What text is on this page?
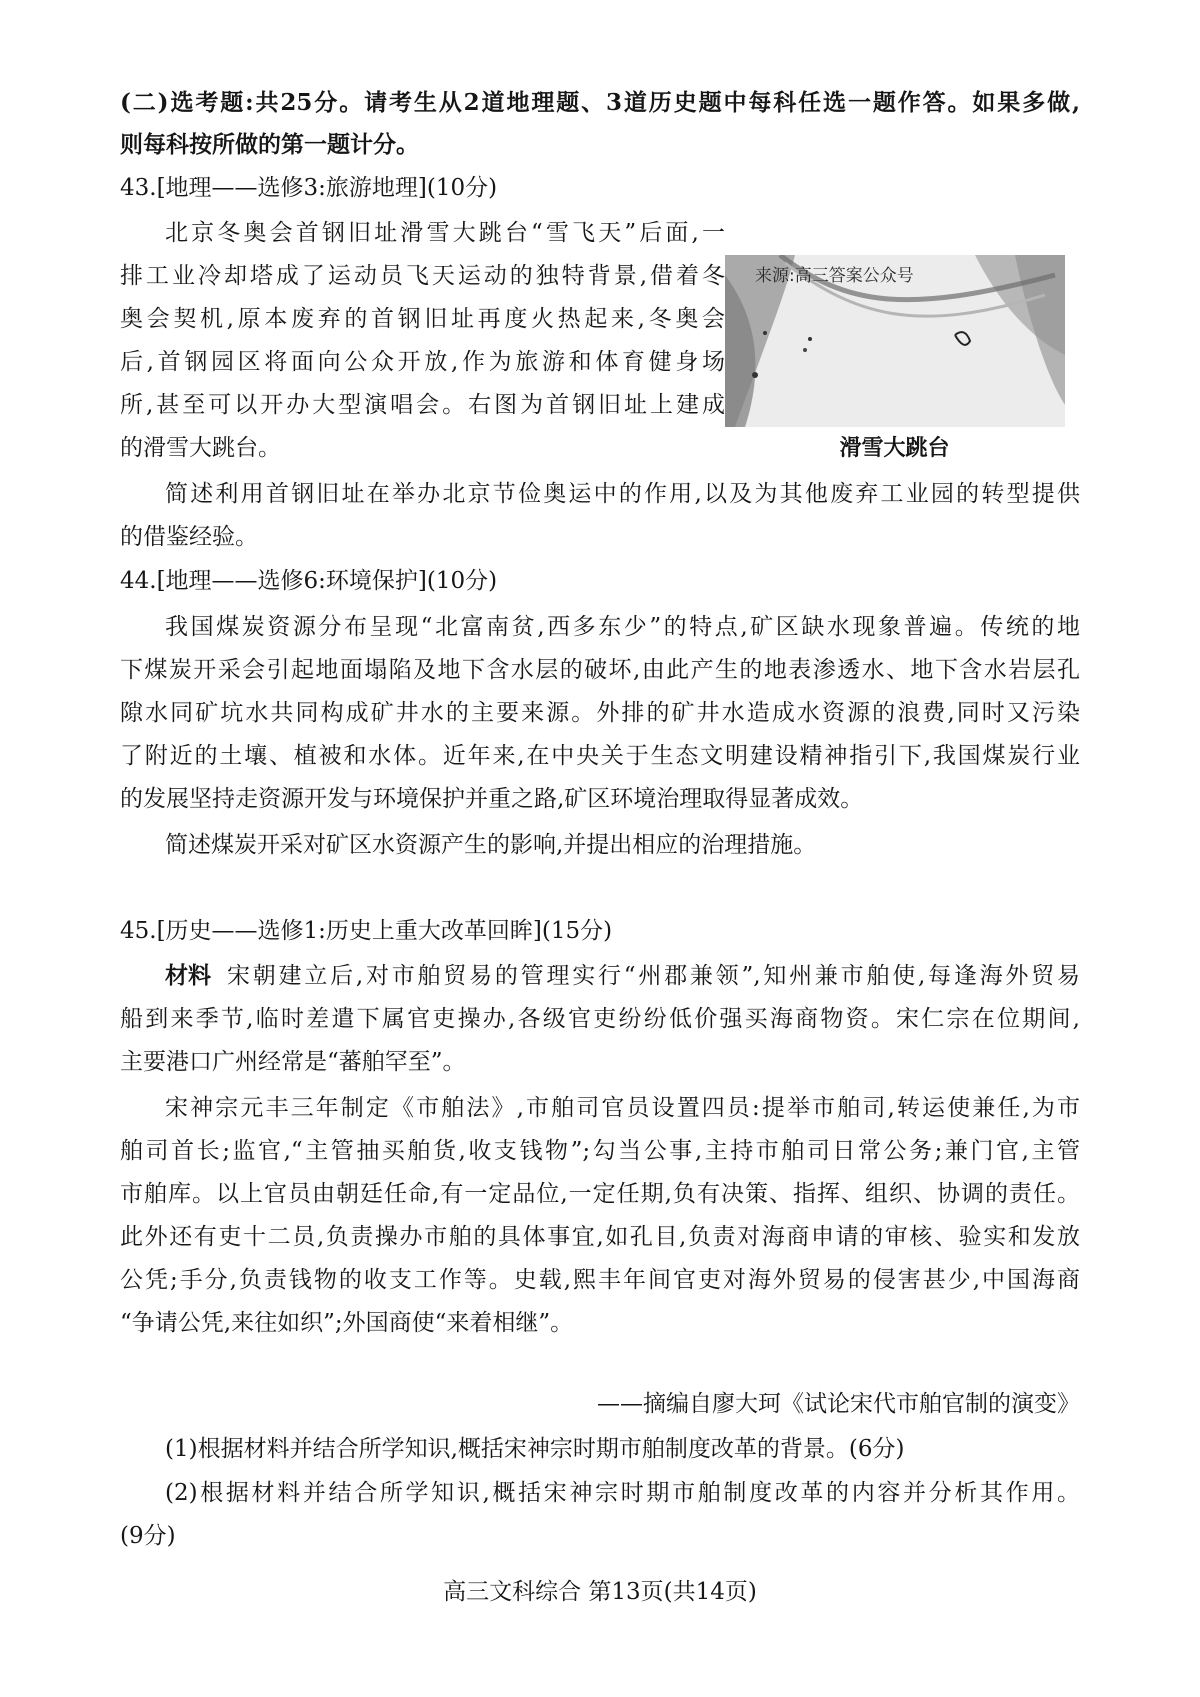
(二)选考题:共25分。请考生从2道地理题、3道历史题中每科任选一题作答。如果多做,
则每科按所做的第一题计分。
43.[地理——选修3:旅游地理](10分)
北京冬奥会首钢旧址滑雪大跳台“雪飞天”后面,一
排工业冷却塔成了运动员飞天运动的独特背景,借着冬
奥会契机,原本废弃的首钢旧址再度火热起来,冬奥会
后,首钢园区将面向公众开放,作为旅游和体育健身场
所,甚至可以开办大型演唱会。右图为首钢旧址上建成
的滑雪大跳台。
来源:高三答案公众号
滑雪大跳台
简述利用首钢旧址在举办北京节俭奥运中的作用,以及为其他废弃工业园的转型提供
的借鉴经验。
44.[地理——选修6:环境保护](10分)
我国煤炭资源分布呈现“北富南贫,西多东少”的特点,矿区缺水现象普遍。传统的地
下煤炭开采会引起地面塌陷及地下含水层的破坏,由此产生的地表渗透水、地下含水岩层孔
隙水同矿坑水共同构成矿井水的主要来源。外排的矿井水造成水资源的浪费,同时又污染
了附近的土壤、植被和水体。近年来,在中央关于生态文明建设精神指引下,我国煤炭行业
的发展坚持走资源开发与环境保护并重之路,矿区环境治理取得显著成效。
简述煤炭开采对矿区水资源产生的影响,并提出相应的治理措施。
45.[历史——选修1:历史上重大改革回眸](15分)
材料 宋朝建立后,对市舶贸易的管理实行“州郡兼领”,知州兼市舶使,每逢海外贸易
船到来季节,临时差遣下属官吏操办,各级官吏纷纷低价强买海商物资。宋仁宗在位期间,
主要港口广州经常是“蕃舶罕至”。
宋神宗元丰三年制定《市舶法》,市舶司官员设置四员:提举市舶司,转运使兼任,为市
舶司首长;监官,“主管抽买舶货,收支钱物”;勾当公事,主持市舶司日常公务;兼门官,主管
市舶库。以上官员由朝廷任命,有一定品位,一定任期,负有决策、指挥、组织、协调的责任。
此外还有吏十二员,负责操办市舶的具体事宜,如孔目,负责对海商申请的审核、验实和发放
公凭;手分,负责钱物的收支工作等。史载,熙丰年间官吏对海外贸易的侵害甚少,中国海商
“争请公凭,来往如织”;外国商使“来着相继”。
——摘编自廖大珂《试论宋代市舶官制的演变》
(1)根据材料并结合所学知识,概括宋神宗时期市舶制度改革的背景。(6分)
(2)根据材料并结合所学知识,概括宋神宗时期市舶制度改革的内容并分析其作用。
(9分)
高三文科综合 第13页(共14页)
